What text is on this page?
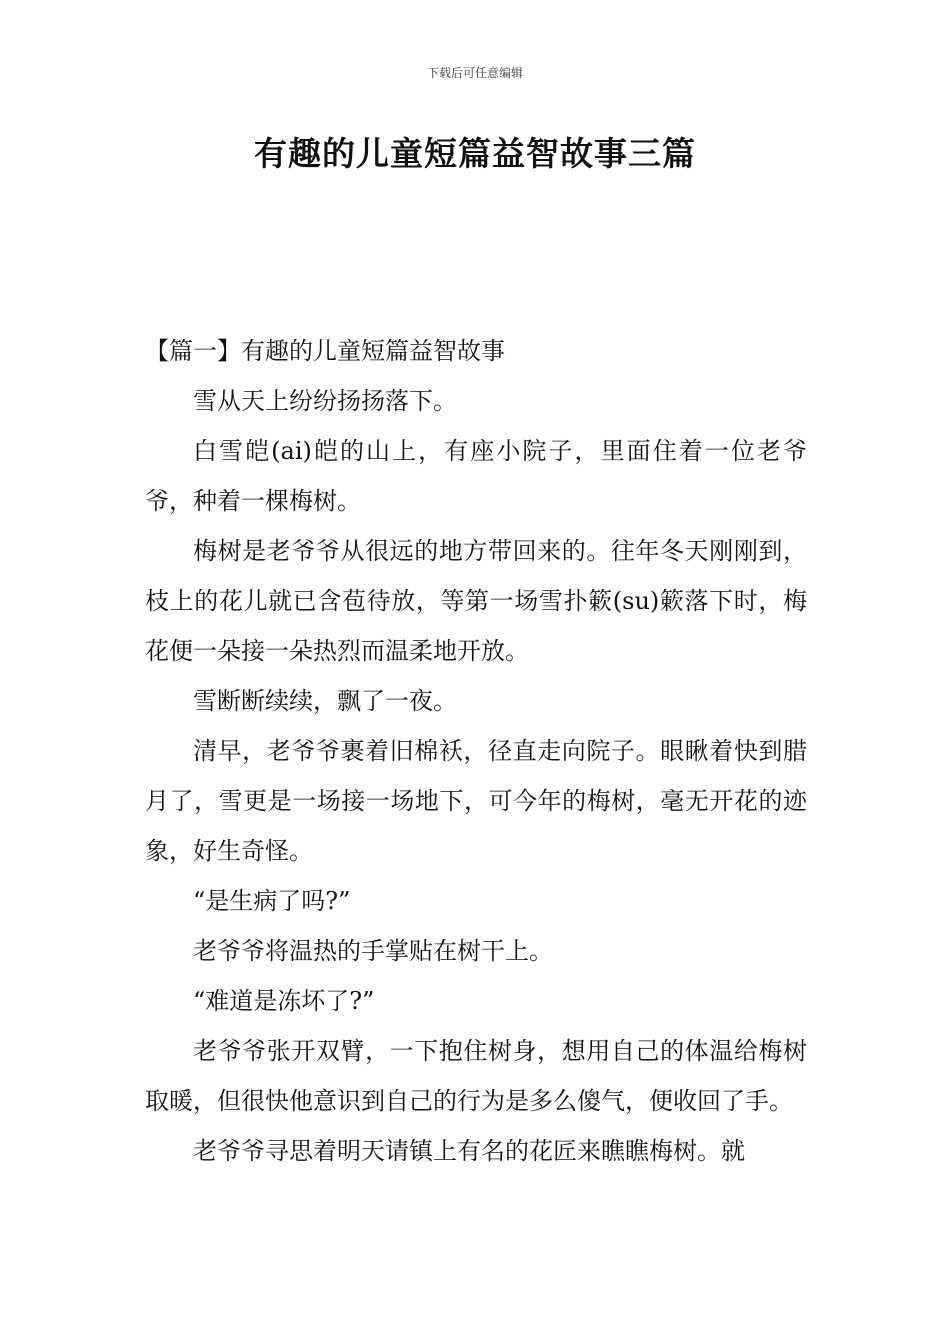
下载后可任意编辑
有趣的儿童短篇益智故事三篇
【篇一】有趣的儿童短篇益智故事

雪从天上纷纷扬扬落下。

白雪皑(ai)皑的山上，有座小院子，里面住着一位老爷爷，种着一棵梅树。

梅树是老爷爷从很远的地方带回来的。往年冬天刚刚到，枝上的花儿就已含苞待放，等第一场雪扑簌(su)簌落下时，梅花便一朵接一朵热烈而温柔地开放。

雪断断续续，飘了一夜。

清早，老爷爷裹着旧棉袄，径直走向院子。眼瞅着快到腊月了，雪更是一场接一场地下，可今年的梅树，毫无开花的迹象，好生奇怪。

“是生病了吗?”

老爷爷将温热的手掌贴在树干上。

“难道是冻坏了?”

老爷爷张开双臂，一下抱住树身，想用自己的体温给梅树取暖，但很快他意识到自己的行为是多么傻气，便收回了手。

老爷爷寻思着明天请镇上有名的花匠来瞧瞧梅树。就
